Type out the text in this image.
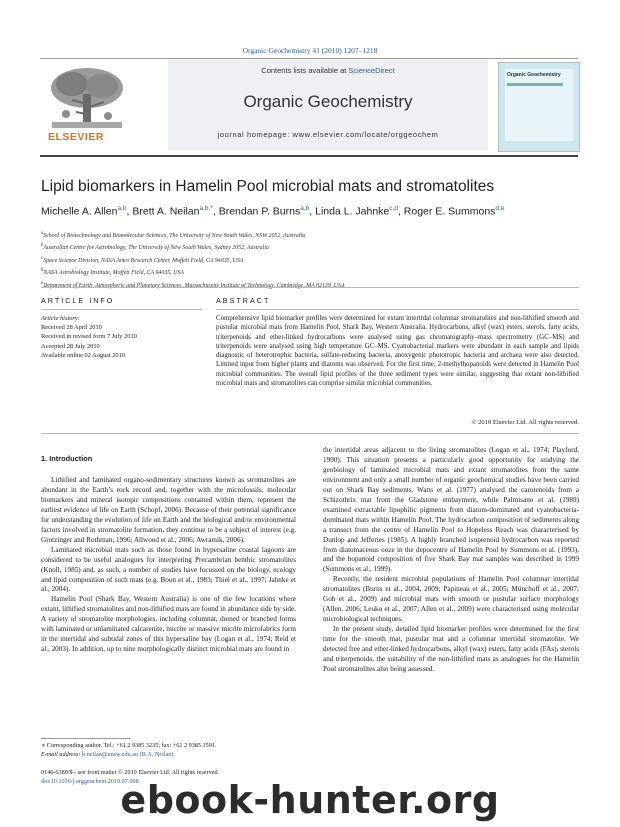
Organic Geochemistry 41 (2010) 1207–1218
ELSEVIER
Contents lists available at ScienceDirect
Organic Geochemistry
journal homepage: www.elsevier.com/locate/orggeochem
Organic Geochemistry
Lipid biomarkers in Hamelin Pool microbial mats and stromatolites
Michelle A. Allen$^{a,b}$, Brett A. Neilan$^{a,b,*}$, Brendan P. Burns$^{a,b}$, Linda L. Jahnke$^{c,d}$, Roger E. Summons$^{d,e}$
$^a$School of Biotechnology and Biomolecular Sciences, The University of New South Wales, NSW 2052, Australia
$^b$Australian Centre for Astrobiology, The University of New South Wales, Sydney 2052, Australia
$^c$Space Science Division, NASA Ames Research Center, Moffett Field, CA 94035, USA
$^d$NASA Astrobiology Institute, Moffett Field, CA 94035, USA
$^e$Department of Earth, Atmospheric and Planetary Sciences, Massachusetts Institute of Technology, Cambridge, MA 02139, USA
ARTICLE INFO	ABSTRACT
Article history:
Received 28 April 2010
Received in revised form 7 July 2010
Accepted 28 July 2010
Available online 02 August 2010
Comprehensive lipid biomarker profiles were determined for extant intertidal columnar stromatolites and non-lithified smooth and pustular microbial mats from Hamelin Pool, Shark Bay, Western Australia. Hydrocarbons, alkyl (wax) esters, sterols, fatty acids, triterpenoids and ether-linked hydrocarbons were analysed using gas chromatography–mass spectrometry (GC–MS) and triterpenoids were analysed using high temperature GC–MS. Cyanobacterial markers were abundant in each sample and lipids diagnostic of heterotrophic bacteria, sulfate-reducing bacteria, anoxygenic phototropic bacteria and archaea were also detected. Limited input from higher plants and diatoms was observed. For the first time, 2-methylhopanoids were detected in Hamelin Pool microbial communities. The overall lipid profiles of the three sediment types were similar, suggesting that extant non-lithified microbial mats and stromatolites can comprise similar microbial communities.
© 2010 Elsevier Ltd. All rights reserved.
1. Introduction

Lithified and laminated organo-sedimentary structures known as stromatolites are abundant in the Earth’s rock record and, together with the microfossils, molecular biomarkers and mineral isotopic compositions contained within them, represent the earliest evidence of life on Earth (Schopf, 2006). Because of their potential significance for understanding the evolution of life on Earth and the biological and/or environmental factors involved in stromatolite formation, they continue to be a subject of interest (e.g. Grotzinger and Rothman, 1996; Allwood et al., 2006; Awramik, 2006).

Laminated microbial mats such as those found in hypersaline coastal lagoons are considered to be useful analogues for interpreting Precambrian benthic stromatolites (Knoll, 1985) and, as such, a number of studies have focussed on the biology, ecology and lipid composition of such mats (e.g. Boon et al., 1983; Thiel et al., 1997; Jahnke et al., 2004).

Hamelin Pool (Shark Bay, Western Australia) is one of the few locations where extant, lithified stromatolites and non-lithified mats are found in abundance side by side. A variety of stromatolite morphologies, including columnar, domed or branched forms with laminated or unlaminated calcarenite, micrite or massive micrite microfabrics form in the intertidal and subtidal zones of this hypersaline bay (Logan et al., 1974; Reid et al., 2003). In addition, up to nine morphologically distinct microbial mats are found in

the intertidal areas adjacent to the living stromatolites (Logan et al., 1974; Playford, 1990). This situation presents a particularly good opportunity for studying the geobiology of laminated microbial mats and extant stromatolites from the same environment and only a small number of organic geochemical studies have been carried out on Shark Bay sediments. Watts et al. (1977) analysed the carotenoids from a Schizothrix mat from the Gladstone embayment, while Palmisano et al. (1989) examined extractable lipophilic pigments from diatom-dominated and cyanobacteria-dominated mats within Hamelin Pool. The hydrocarbon composition of sediments along a transect from the centre of Hamelin Pool to Hopeless Reach was characterised by Dunlop and Jefferies (1985). A highly branched isoprenoid hydrocarbon was reported from diatomaceous ooze in the depocentre of Hamelin Pool by Summons et al. (1993), and the hopanoid composition of five Shark Bay mat samples was described in 1999 (Summons et al., 1999).

Recently, the resident microbial populations of Hamelin Pool columnar intertidal stromatolites (Burns et al., 2004, 2009; Papineau et al., 2005; Münchoff et al., 2007; Goh et al., 2009) and microbial mats with smooth or pustular surface morphology (Allen, 2006; Leuko et al., 2007; Allen et al., 2009) were characterised using molecular microbiological techniques.

In the present study, detailed lipid biomarker profiles were determined for the first time for the smooth mat, pustular mat and a columnar intertidal stromatolite. We detected free and ether-linked hydrocarbons, alkyl (wax) esters, fatty acids (FAs), sterols and triterpenoids, the suitability of the non-lithified mats as analogues for the Hamelin Pool stromatolites also being assessed.

∗ Corresponding author. Tel.: +61 2 9385 3235; fax: +61 2 9385 1591.
E-mail address: b.neilan@unsw.edu.au (B.A. Neilan).
0146-6380/$ - see front matter © 2010 Elsevier Ltd. All rights reserved.
doi:10.1016/j.orggeochem.2010.07.008
ebook-hunter.org
